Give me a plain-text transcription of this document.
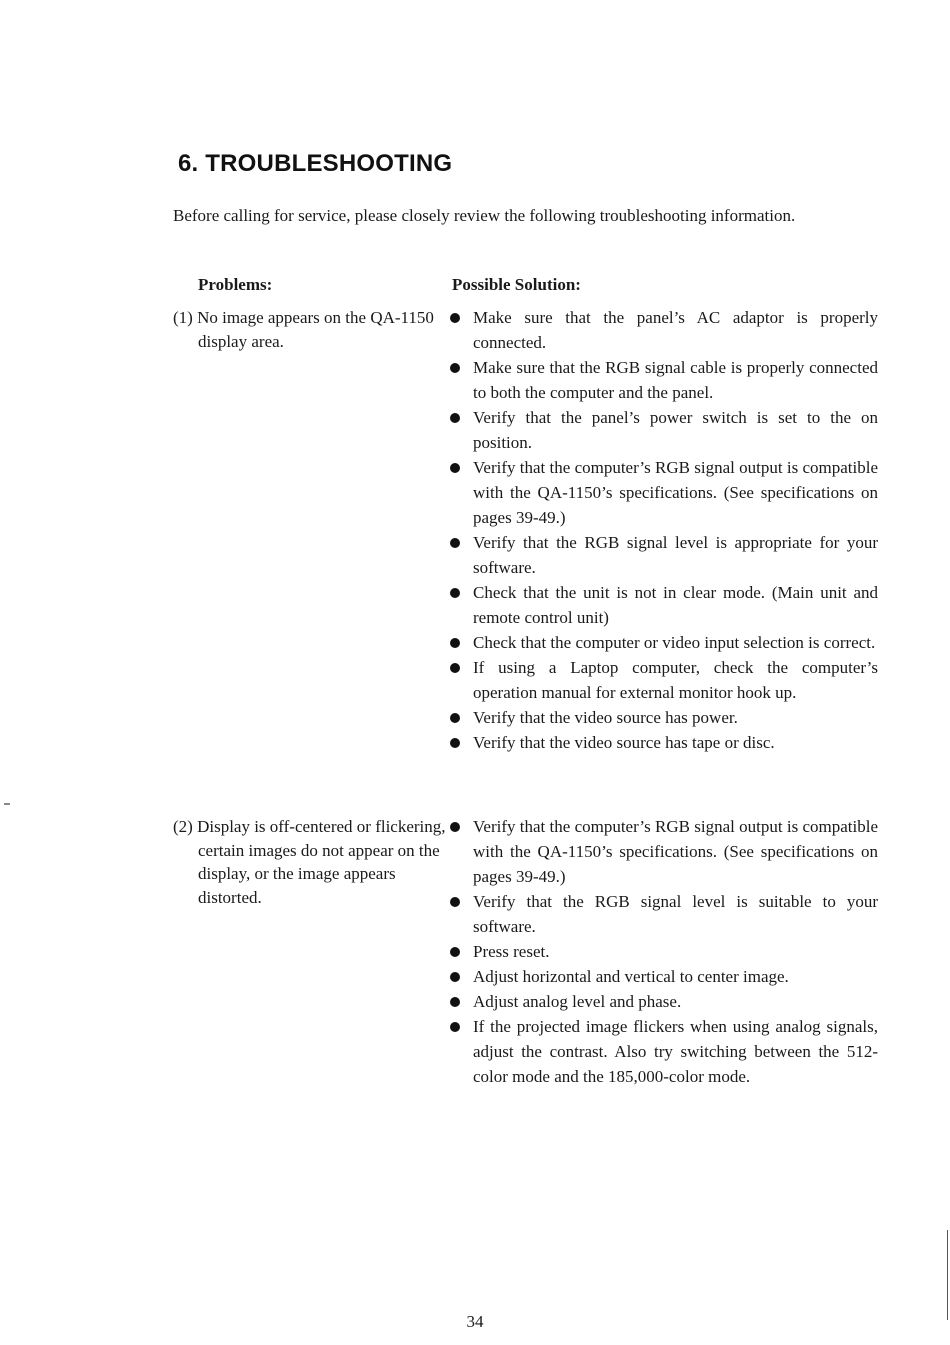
6. TROUBLESHOOTING

Before calling for service, please closely review the following troubleshooting information.

Problems:	Possible Solution:

(1) No image appears on the QA-1150 display area.

Make sure that the panel’s AC adaptor is properly connected.
Make sure that the RGB signal cable is properly connected to both the computer and the panel.
Verify that the panel’s power switch is set to the on position.
Verify that the computer’s RGB signal output is compatible with the QA-1150’s specifications. (See specifications on pages 39-49.)
Verify that the RGB signal level is appropriate for your software.
Check that the unit is not in clear mode. (Main unit and remote control unit)
Check that the computer or video input selection is correct.
If using a Laptop computer, check the computer’s operation manual for external monitor hook up.
Verify that the video source has power.
Verify that the video source has tape or disc.

(2) Display is off-centered or flickering, certain images do not appear on the display, or the image appears distorted.

Verify that the computer’s RGB signal output is compatible with the QA-1150’s specifications. (See specifications on pages 39-49.)
Verify that the RGB signal level is suitable to your software.
Press reset.
Adjust horizontal and vertical to center image.
Adjust analog level and phase.
If the projected image flickers when using analog signals, adjust the contrast. Also try switching between the 512-color mode and the 185,000-color mode.
34
